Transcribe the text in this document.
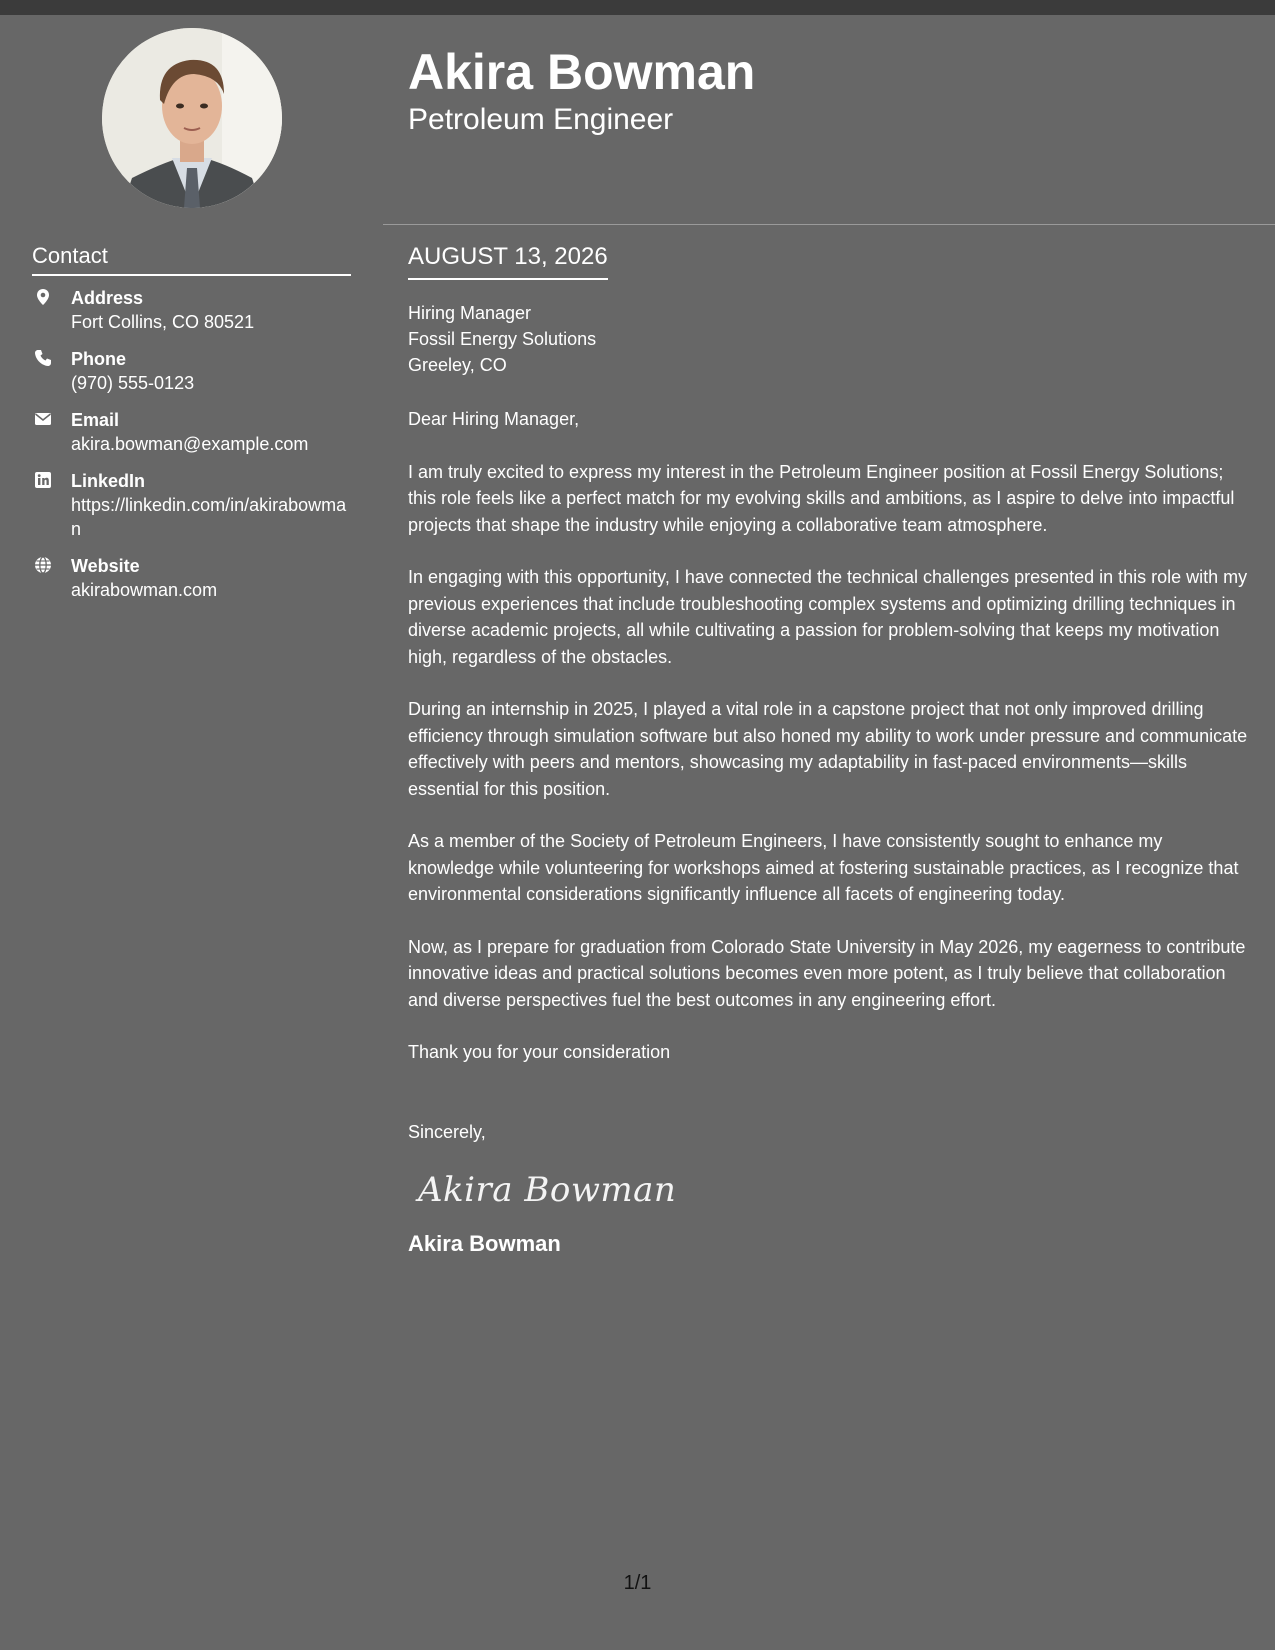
Contact
Address
Fort Collins, CO 80521
Phone
(970) 555-0123
Email
akira.bowman@example.com
LinkedIn
https://linkedin.com/in/akirabowman
Website
akirabowman.com
Akira Bowman
Petroleum Engineer
AUGUST 13, 2026
Hiring Manager
Fossil Energy Solutions
Greeley, CO

Dear Hiring Manager,

I am truly excited to express my interest in the Petroleum Engineer position at Fossil Energy Solutions; this role feels like a perfect match for my evolving skills and ambitions, as I aspire to delve into impactful projects that shape the industry while enjoying a collaborative team atmosphere.

In engaging with this opportunity, I have connected the technical challenges presented in this role with my previous experiences that include troubleshooting complex systems and optimizing drilling techniques in diverse academic projects, all while cultivating a passion for problem-solving that keeps my motivation high, regardless of the obstacles.

During an internship in 2025, I played a vital role in a capstone project that not only improved drilling efficiency through simulation software but also honed my ability to work under pressure and communicate effectively with peers and mentors, showcasing my adaptability in fast-paced environments—skills essential for this position.

As a member of the Society of Petroleum Engineers, I have consistently sought to enhance my knowledge while volunteering for workshops aimed at fostering sustainable practices, as I recognize that environmental considerations significantly influence all facets of engineering today.

Now, as I prepare for graduation from Colorado State University in May 2026, my eagerness to contribute innovative ideas and practical solutions becomes even more potent, as I truly believe that collaboration and diverse perspectives fuel the best outcomes in any engineering effort.

Thank you for your consideration

Sincerely,
Akira Bowman
Akira Bowman
1/1
